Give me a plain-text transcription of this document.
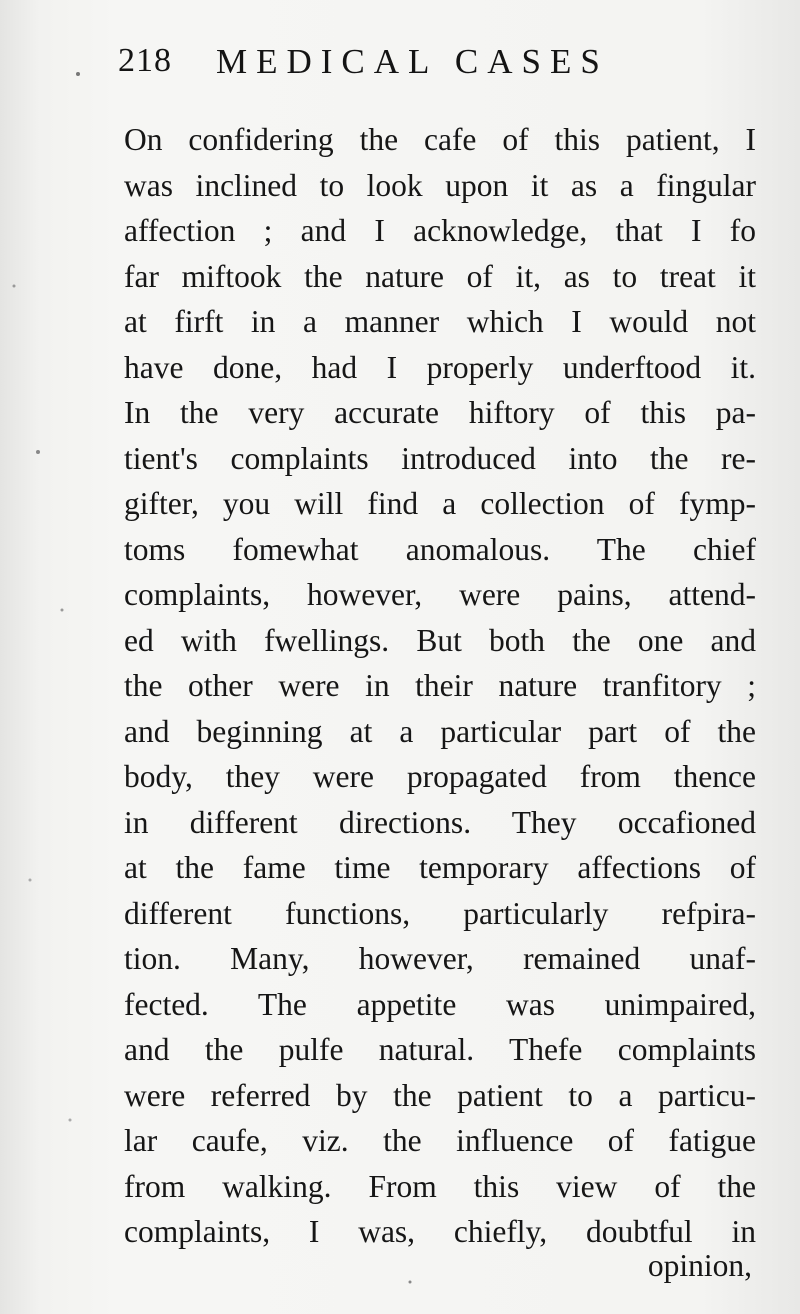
218 MEDICAL CASES
On confidering the cafe of this patient, I
was inclined to look upon it as a fingular
affection ; and I acknowledge, that I fo
far miftook the nature of it, as to treat it
at firft in a manner which I would not
have done, had I properly underftood it.
In the very accurate hiftory of this pa-
tient's complaints introduced into the re-
gifter, you will find a collection of fymp-
toms fomewhat anomalous. The chief
complaints, however, were pains, attend-
ed with fwellings. But both the one and
the other were in their nature tranfitory ;
and beginning at a particular part of the
body, they were propagated from thence
in different directions. They occafioned
at the fame time temporary affections of
different functions, particularly refpira-
tion. Many, however, remained unaf-
fected. The appetite was unimpaired,
and the pulfe natural. Thefe complaints
were referred by the patient to a particu-
lar caufe, viz. the influence of fatigue
from walking. From this view of the
complaints, I was, chiefly, doubtful in
opinion,
